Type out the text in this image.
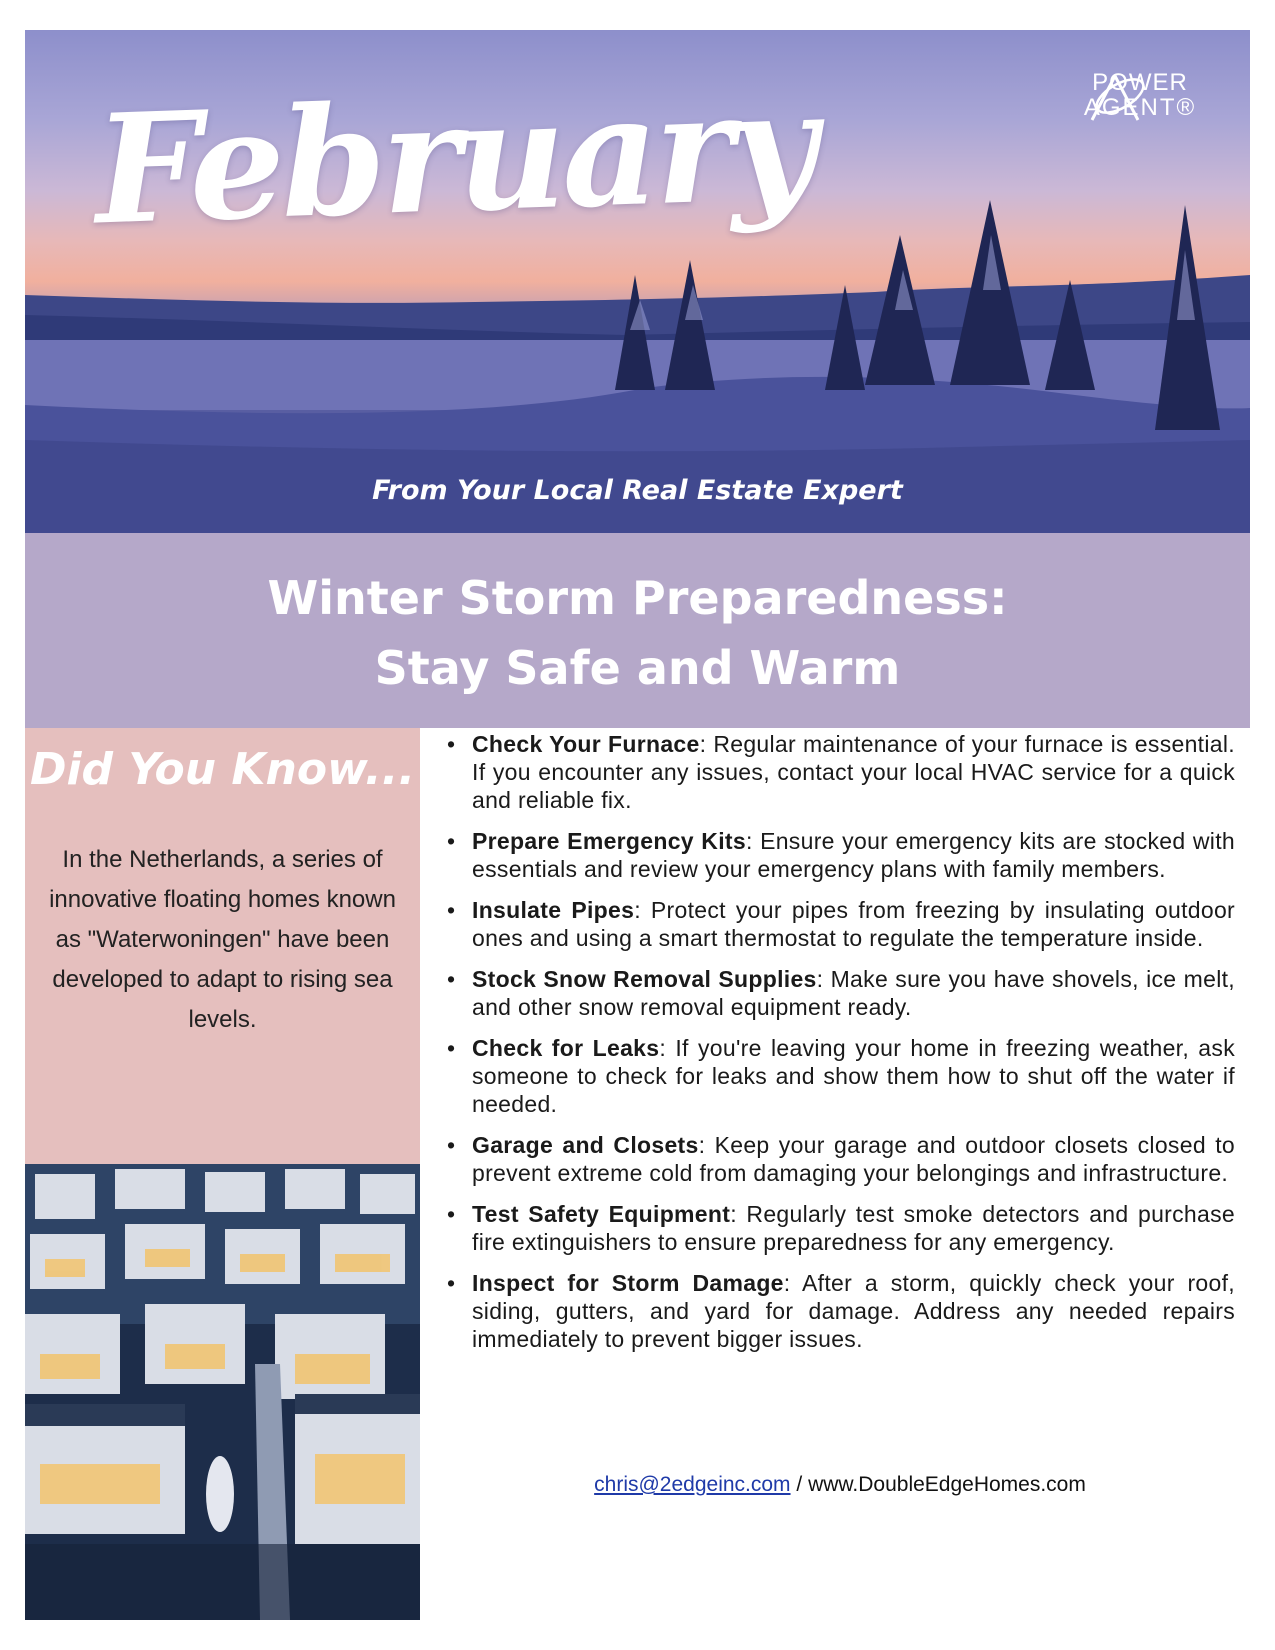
February	POWER
AGENT®
From Your Local Real Estate Expert
Winter Storm Preparedness:
Stay Safe and Warm
Did You Know...
In the Netherlands, a series of innovative floating homes known as "Waterwoningen" have been developed to adapt to rising sea levels.
• Check Your Furnace: Regular maintenance of your furnace is essential. If you encounter any issues, contact your local HVAC service for a quick and reliable fix.
• Prepare Emergency Kits: Ensure your emergency kits are stocked with essentials and review your emergency plans with family members.
• Insulate Pipes: Protect your pipes from freezing by insulating outdoor ones and using a smart thermostat to regulate the temperature inside.
• Stock Snow Removal Supplies: Make sure you have shovels, ice melt, and other snow removal equipment ready.
• Check for Leaks: If you're leaving your home in freezing weather, ask someone to check for leaks and show them how to shut off the water if needed.
• Garage and Closets: Keep your garage and outdoor closets closed to prevent extreme cold from damaging your belongings and infrastructure.
• Test Safety Equipment: Regularly test smoke detectors and purchase fire extinguishers to ensure preparedness for any emergency.
• Inspect for Storm Damage: After a storm, quickly check your roof, siding, gutters, and yard for damage. Address any needed repairs immediately to prevent bigger issues.
chris@2edgeinc.com / www.DoubleEdgeHomes.com
